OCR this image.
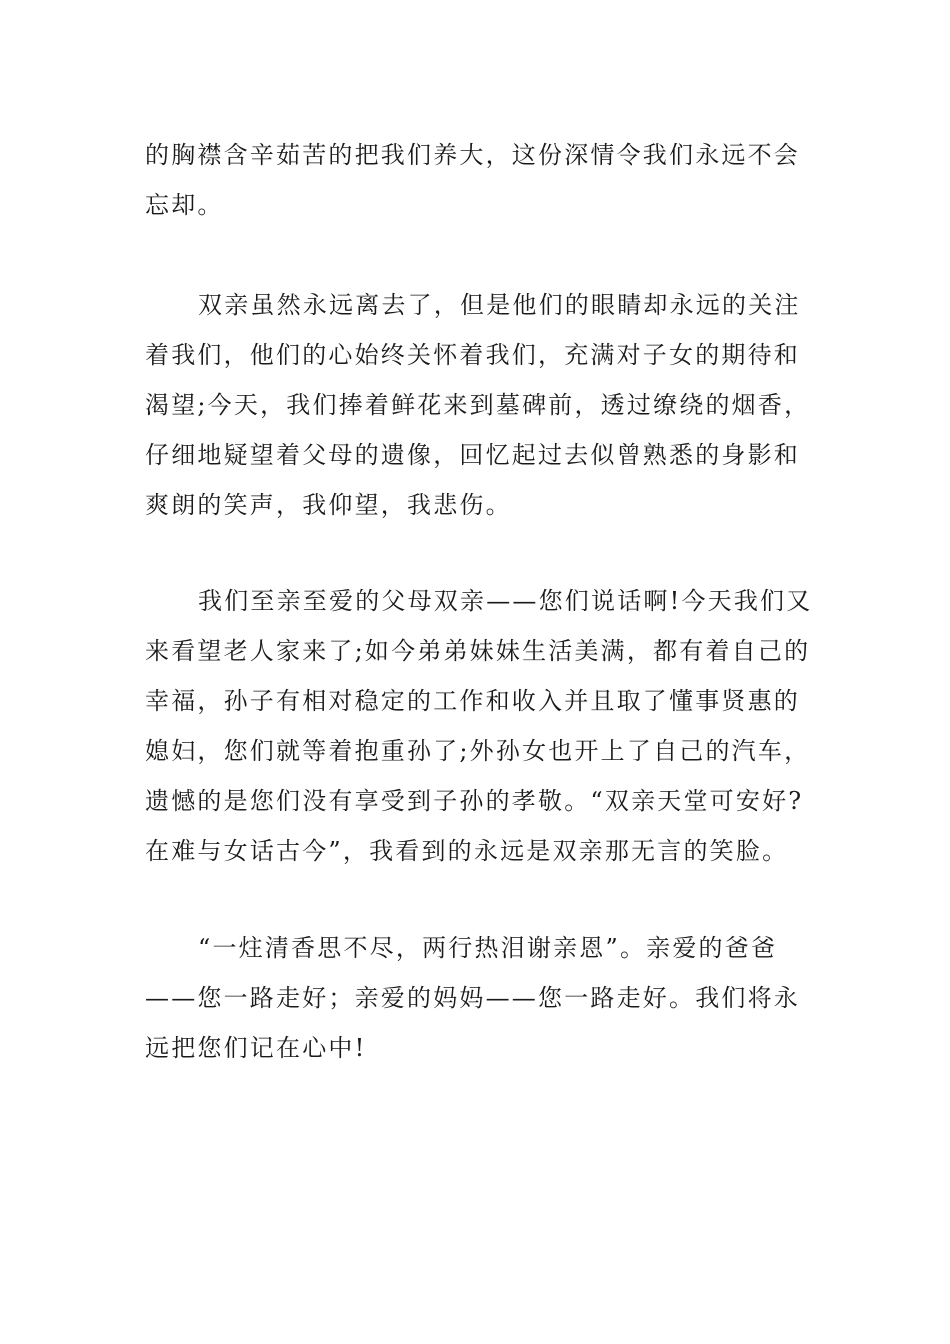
的胸襟含辛茹苦的把我们养大，这份深情令我们永远不会
忘却。
双亲虽然永远离去了，但是他们的眼睛却永远的关注
着我们，他们的心始终关怀着我们，充满对子女的期待和
渴望;今天，我们捧着鲜花来到墓碑前，透过缭绕的烟香，
仔细地疑望着父母的遗像，回忆起过去似曾熟悉的身影和
爽朗的笑声，我仰望，我悲伤。
我们至亲至爱的父母双亲——您们说话啊!今天我们又
来看望老人家来了;如今弟弟妹妹生活美满，都有着自己的
幸福，孙子有相对稳定的工作和收入并且取了懂事贤惠的
媳妇，您们就等着抱重孙了;外孙女也开上了自己的汽车，
遗憾的是您们没有享受到子孙的孝敬。“双亲天堂可安好?
在难与女话古今”，我看到的永远是双亲那无言的笑脸。
“一炷清香思不尽，两行热泪谢亲恩”。亲爱的爸爸
——您一路走好；亲爱的妈妈——您一路走好。我们将永
远把您们记在心中!
